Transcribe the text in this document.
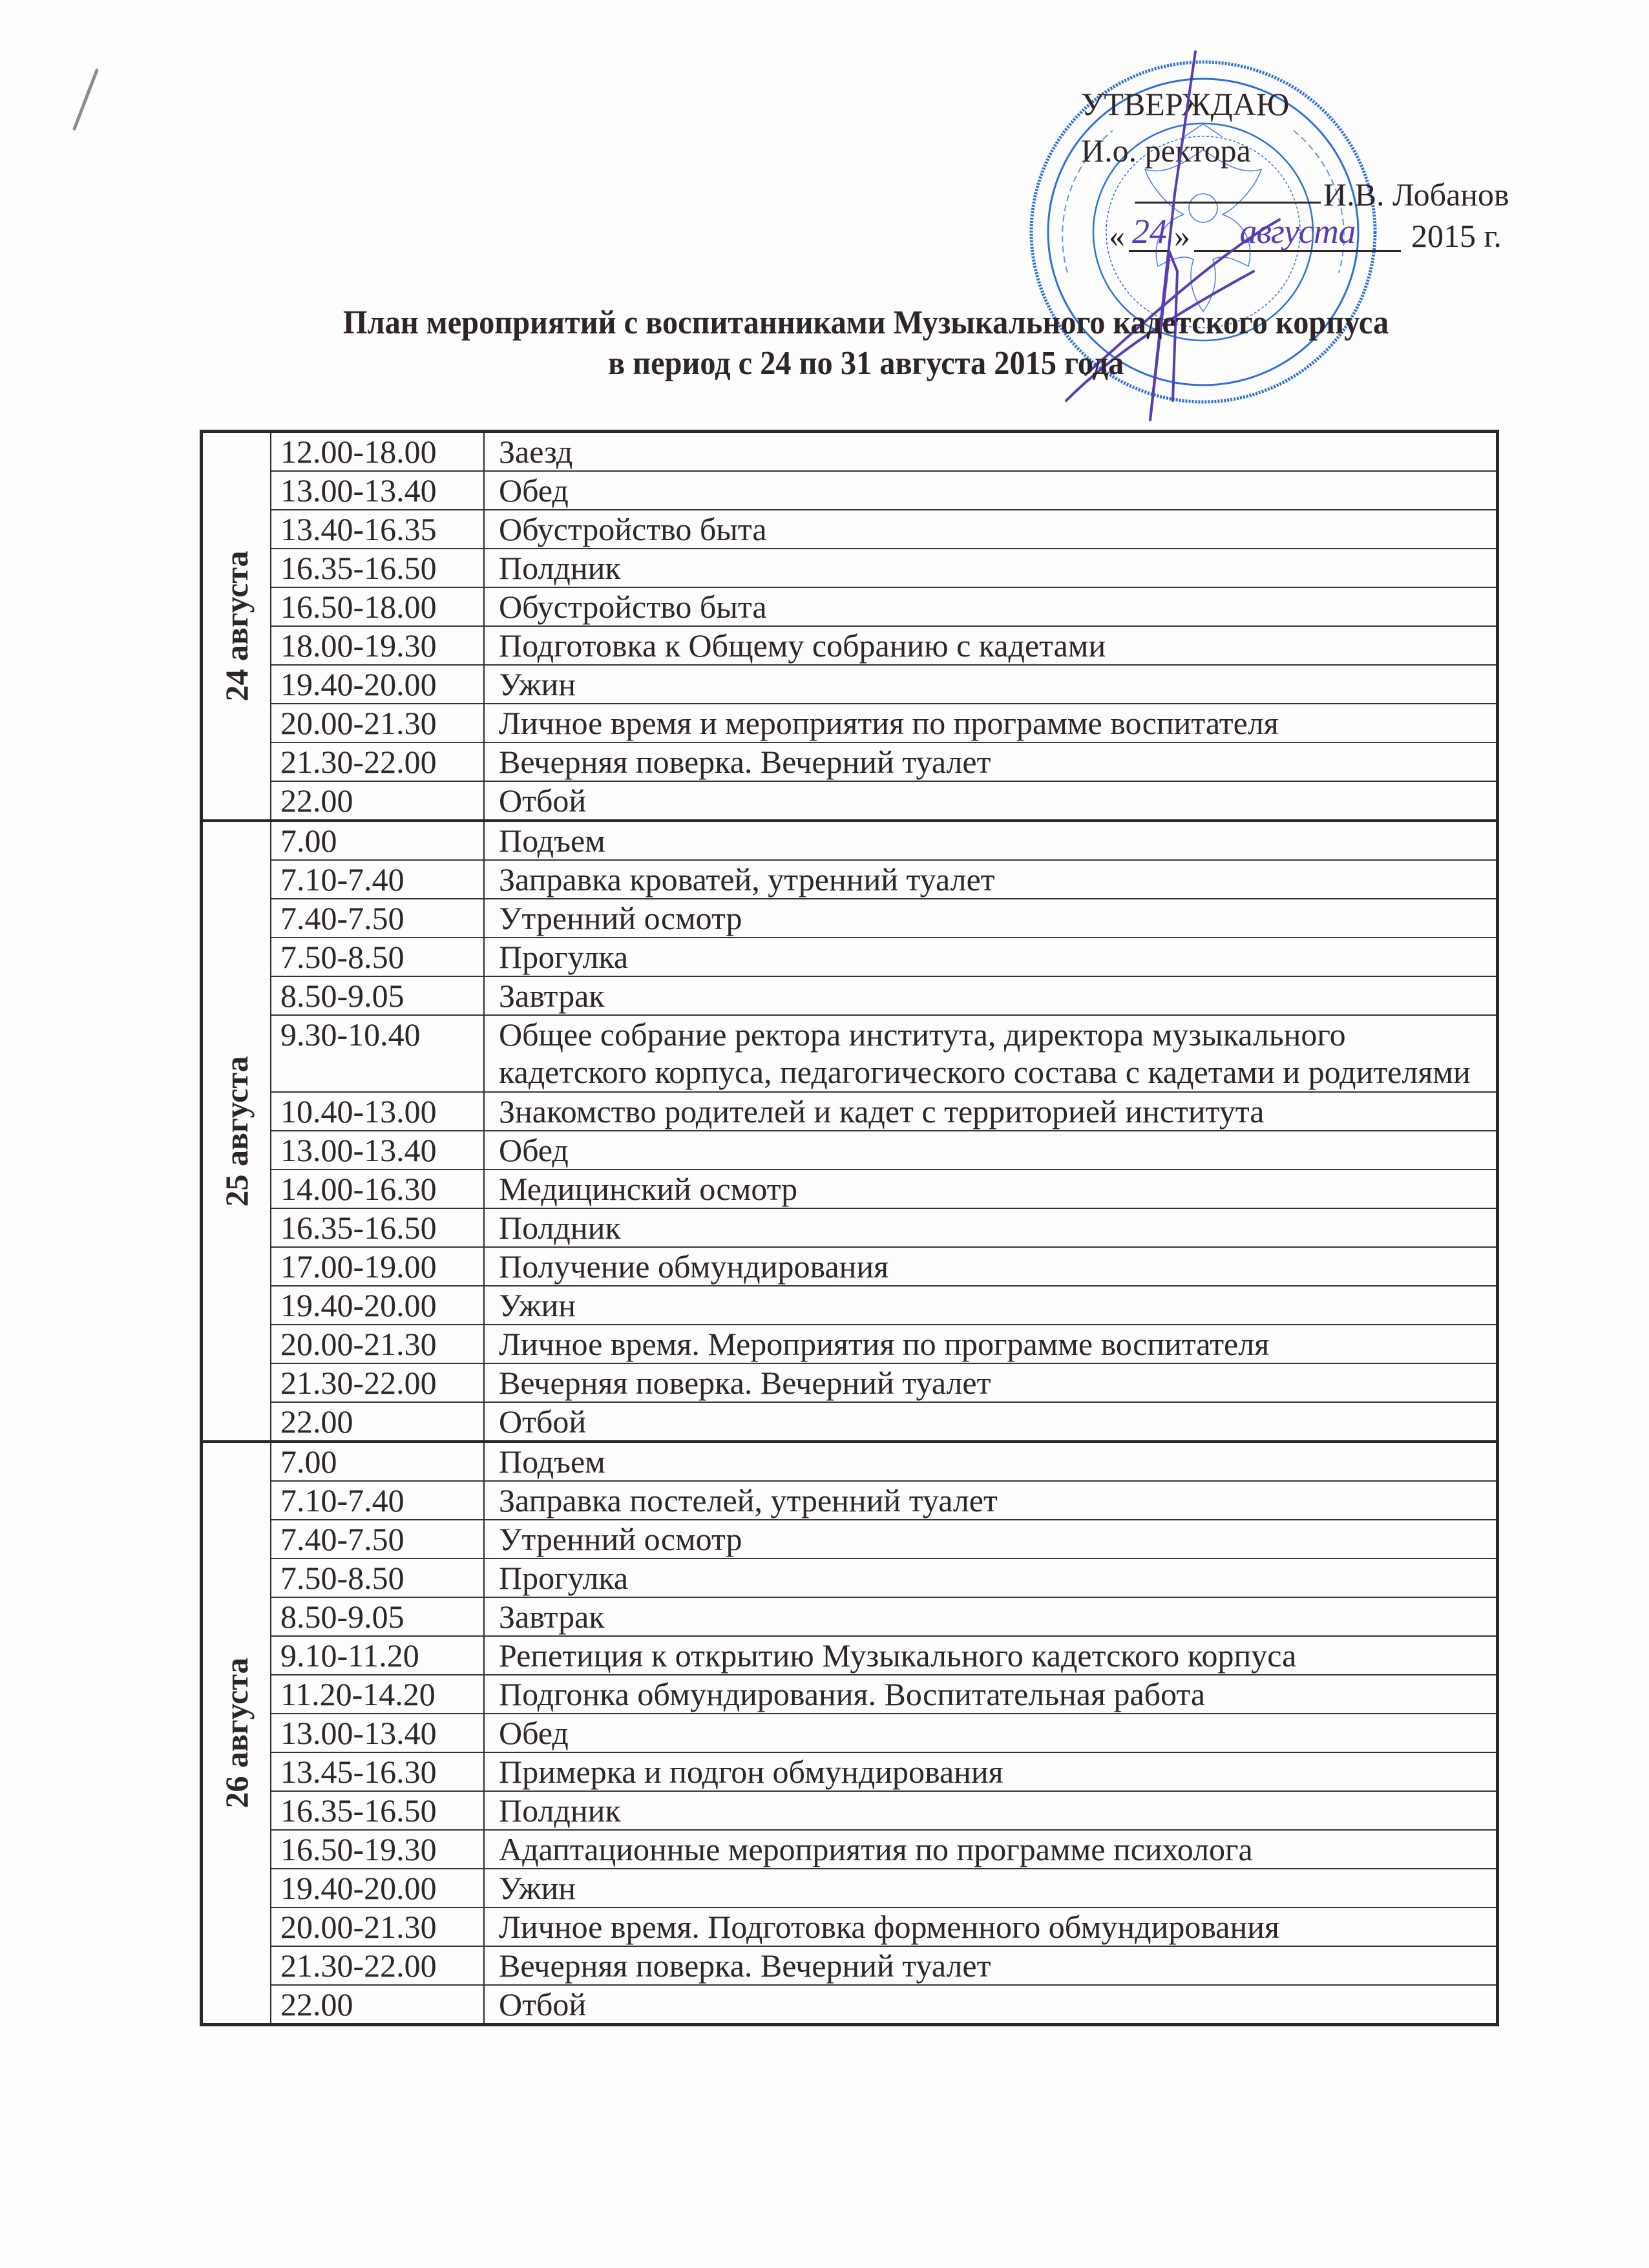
УТВЕРЖДАЮ
И.о. ректора
И.В. Лобанов
« 24 » августа 2015 г.
План мероприятий с воспитанниками Музыкального кадетского корпуса
в период с 24 по 31 августа 2015 года
24 августа
12.00-18.00	Заезд
13.00-13.40	Обед
13.40-16.35	Обустройство быта
16.35-16.50	Полдник
16.50-18.00	Обустройство быта
18.00-19.30	Подготовка к Общему собранию с кадетами
19.40-20.00	Ужин
20.00-21.30	Личное время и мероприятия по программе воспитателя
21.30-22.00	Вечерняя поверка. Вечерний туалет
22.00	Отбой
25 августа
7.00	Подъем
7.10-7.40	Заправка кроватей, утренний туалет
7.40-7.50	Утренний осмотр
7.50-8.50	Прогулка
8.50-9.05	Завтрак
9.30-10.40	Общее собрание ректора института, директора музыкального
кадетского корпуса, педагогического состава с кадетами и родителями
10.40-13.00	Знакомство родителей и кадет с территорией института
13.00-13.40	Обед
14.00-16.30	Медицинский осмотр
16.35-16.50	Полдник
17.00-19.00	Получение обмундирования
19.40-20.00	Ужин
20.00-21.30	Личное время. Мероприятия по программе воспитателя
21.30-22.00	Вечерняя поверка. Вечерний туалет
22.00	Отбой
26 августа
7.00	Подъем
7.10-7.40	Заправка постелей, утренний туалет
7.40-7.50	Утренний осмотр
7.50-8.50	Прогулка
8.50-9.05	Завтрак
9.10-11.20	Репетиция к открытию Музыкального кадетского корпуса
11.20-14.20	Подгонка обмундирования. Воспитательная работа
13.00-13.40	Обед
13.45-16.30	Примерка и подгон обмундирования
16.35-16.50	Полдник
16.50-19.30	Адаптационные мероприятия по программе психолога
19.40-20.00	Ужин
20.00-21.30	Личное время. Подготовка форменного обмундирования
21.30-22.00	Вечерняя поверка. Вечерний туалет
22.00	Отбой
